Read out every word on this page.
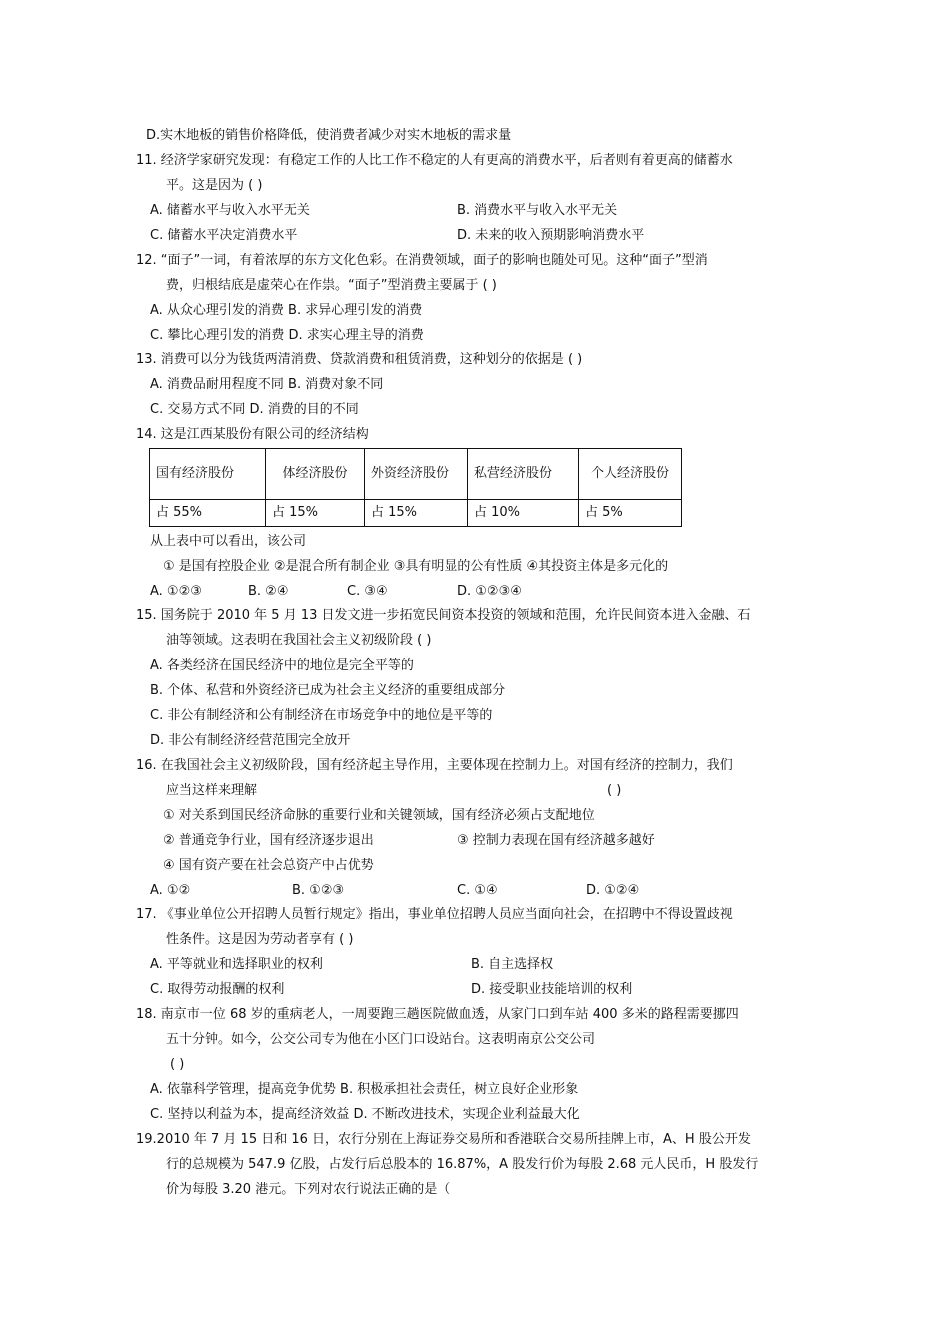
D.实木地板的销售价格降低，使消费者减少对实木地板的需求量
11. 经济学家研究发现：有稳定工作的人比工作不稳定的人有更高的消费水平，后者则有着更高的储蓄水
平。这是因为 ( )
A. 储蓄水平与收入水平无关	B. 消费水平与收入水平无关
C. 储蓄水平决定消费水平	D. 未来的收入预期影响消费水平
12. “面子”一词，有着浓厚的东方文化色彩。在消费领域，面子的影响也随处可见。这种“面子”型消
费，归根结底是虚荣心在作祟。“面子”型消费主要属于 ( )
A. 从众心理引发的消费 B. 求异心理引发的消费
C. 攀比心理引发的消费 D. 求实心理主导的消费
13. 消费可以分为钱货两清消费、贷款消费和租赁消费，这种划分的依据是 ( )
A. 消费品耐用程度不同 B. 消费对象不同
C. 交易方式不同 D. 消费的目的不同
14. 这是江西某股份有限公司的经济结构
国有经济股份	体经济股份	外资经济股份	私营经济股份	个人经济股份
占 55%	占 15%	占 15%	占 10%	占 5%
从上表中可以看出，该公司
① 是国有控股企业 ②是混合所有制企业 ③具有明显的公有性质 ④其投资主体是多元化的
A. ①②③	B. ②④	C. ③④	D. ①②③④
15. 国务院于 2010 年 5 月 13 日发文进一步拓宽民间资本投资的领域和范围，允许民间资本进入金融、石
油等领域。这表明在我国社会主义初级阶段 ( )
A. 各类经济在国民经济中的地位是完全平等的
B. 个体、私营和外资经济已成为社会主义经济的重要组成部分
C. 非公有制经济和公有制经济在市场竞争中的地位是平等的
D. 非公有制经济经营范围完全放开
16. 在我国社会主义初级阶段，国有经济起主导作用，主要体现在控制力上。对国有经济的控制力，我们
应当这样来理解	( )
① 对关系到国民经济命脉的重要行业和关键领域，国有经济必须占支配地位
② 普通竞争行业，国有经济逐步退出	③ 控制力表现在国有经济越多越好
④ 国有资产要在社会总资产中占优势
A. ①②	B. ①②③	C. ①④	D. ①②④
17. 《事业单位公开招聘人员暂行规定》指出，事业单位招聘人员应当面向社会，在招聘中不得设置歧视
性条件。这是因为劳动者享有 ( )
A. 平等就业和选择职业的权利	B. 自主选择权
C. 取得劳动报酬的权利	D. 接受职业技能培训的权利
18. 南京市一位 68 岁的重病老人，一周要跑三趟医院做血透，从家门口到车站 400 多米的路程需要挪四
五十分钟。如今，公交公司专为他在小区门口设站台。这表明南京公交公司
( )
A. 依靠科学管理，提高竞争优势 B. 积极承担社会责任，树立良好企业形象
C. 坚持以利益为本，提高经济效益 D. 不断改进技术，实现企业利益最大化
19.2010 年 7 月 15 日和 16 日，农行分别在上海证券交易所和香港联合交易所挂牌上市，A、H 股公开发
行的总规模为 547.9 亿股，占发行后总股本的 16.87%，A 股发行价为每股 2.68 元人民币，H 股发行
价为每股 3.20 港元。下列对农行说法正确的是（
